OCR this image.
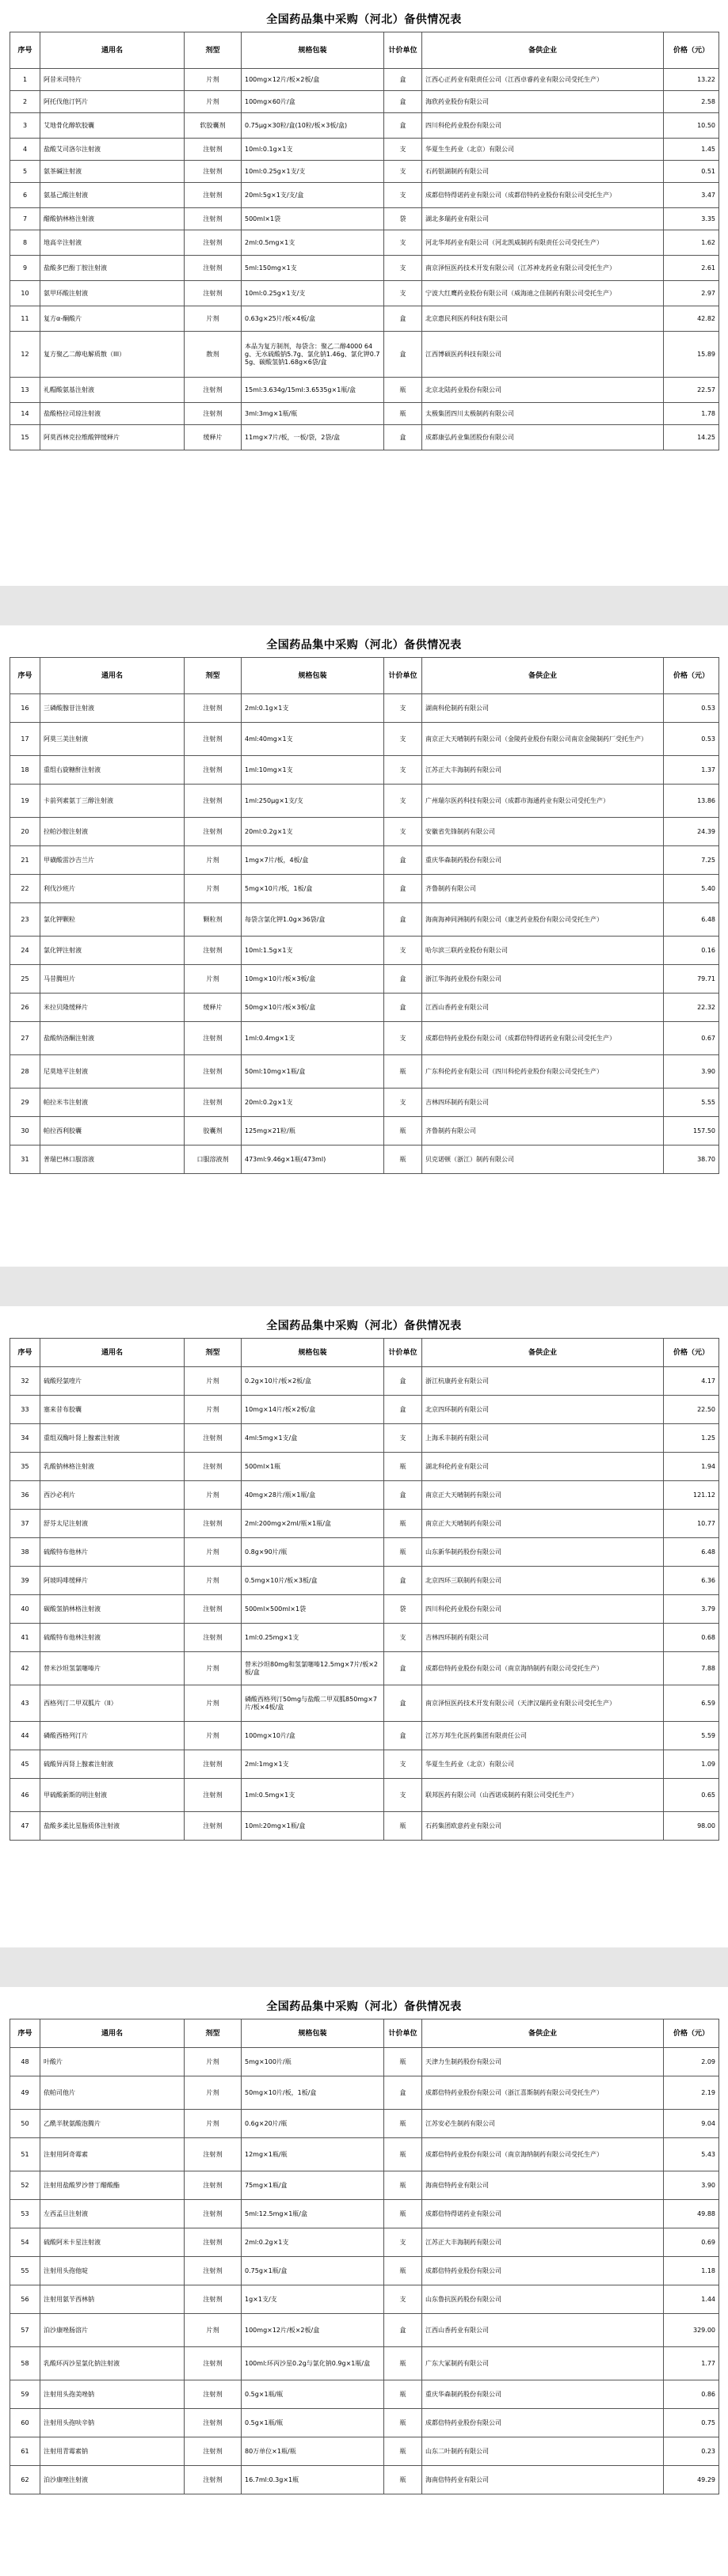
全国药品集中采购（河北）备供情况表
序号	通用名	剂型	规格包装	计价单位	备供企业	价格（元）
1	阿昔米司特片	片剂	100mg×12片/板×2板/盒	盒	江西心正药业有限责任公司（江西卓睿药业有限公司受托生产）	13.22
2	阿托伐他汀钙片	片剂	100mg×60片/盒	盒	海欣药业股份有限公司	2.58
3	艾地骨化醇软胶囊	软胶囊剂	0.75μg×30粒/盒(10粒/板×3板/盒)	盒	四川科伦药业股份有限公司	10.50
4	盐酸艾司洛尔注射液	注射剂	10ml:0.1g×1支	支	华夏生生药业（北京）有限公司	1.45
5	氨茶碱注射液	注射剂	10ml:0.25g×1支/支	支	石药银湖制药有限公司	0.51
6	氨基己酸注射液	注射剂	20ml:5g×1支/支/盒	支	成都倍特得诺药业有限公司（成都倍特药业股份有限公司受托生产）	3.47
7	醋酸钠林格注射液	注射剂	500ml×1袋	袋	湖北多瑞药业有限公司	3.35
8	地高辛注射液	注射剂	2ml:0.5mg×1支	支	河北华邦药业有限公司（河北凯威制药有限责任公司受托生产）	1.62
9	盐酸多巴酚丁胺注射液	注射剂	5ml:150mg×1支	支	南京泽恒医药技术开发有限公司（江苏神龙药业有限公司受托生产）	2.61
10	氨甲环酸注射液	注射剂	10ml:0.25g×1支/支	支	宁波大红鹰药业股份有限公司（威海迪之佳制药有限公司受托生产）	2.97
11	复方α-酮酸片	片剂	0.63g×25片/板×4板/盒	盒	北京惠民利医药科技有限公司	42.82
12	复方聚乙二醇电解质散（III）	散剂	本品为复方制剂，每袋含：聚乙二醇4000 64g、无水硫酸钠5.7g、氯化钠1.46g、氯化钾0.75g、碳酸氢钠1.68g×6袋/盒	盒	江西博硕医药科技有限公司	15.89
13	礼帽酸氨基注射液	注射剂	15ml:3.634g/15ml:3.6535g×1瓶/盒	瓶	北京北陆药业股份有限公司	22.57
14	盐酸格拉司琼注射液	注射剂	3ml:3mg×1瓶/瓶	瓶	太极集团四川太极制药有限公司	1.78
15	阿莫西林克拉维酸钾缓释片	缓释片	11mg×7片/板，一板/袋，2袋/盒	盒	成都康弘药业集团股份有限公司	14.25
全国药品集中采购（河北）备供情况表
序号	通用名	剂型	规格包装	计价单位	备供企业	价格（元）
16	三磷酸腺苷注射液	注射剂	2ml:0.1g×1支	支	湖南科伦制药有限公司	0.53
17	阿莫三美注射液	注射剂	4ml:40mg×1支	支	南京正大天晴制药有限公司（金陵药业股份有限公司南京金陵制药厂受托生产）	0.53
18	重组右旋糖酐注射液	注射剂	1ml:10mg×1支	支	江苏正大丰海制药有限公司	1.37
19	卡前列素氨丁三醇注射液	注射剂	1ml:250μg×1支/支	支	广州瑞尔医药科技有限公司（成都市海通药业有限公司受托生产）	13.86
20	拉帕沙胺注射液	注射剂	20ml:0.2g×1支	支	安徽省先锋制药有限公司	24.39
21	甲磺酸雷沙吉兰片	片剂	1mg×7片/板，4板/盒	盒	重庆华森制药股份有限公司	7.25
22	利伐沙班片	片剂	5mg×10片/板，1板/盒	盒	齐鲁制药有限公司	5.40
23	氯化钾颗粒	颗粒剂	每袋含氯化钾1.0g×36袋/盒	盒	海南海神同洲制药有限公司（康芝药业股份有限公司受托生产）	6.48
24	氯化钾注射液	注射剂	10ml:1.5g×1支	支	哈尔滨三联药业股份有限公司	0.16
25	马昔腾坦片	片剂	10mg×10片/板×3板/盒	盒	浙江华海药业股份有限公司	79.71
26	米拉贝隆缓释片	缓释片	50mg×10片/板×3板/盒	盒	江西山香药业有限公司	22.32
27	盐酸纳洛酮注射液	注射剂	1ml:0.4mg×1支	支	成都倍特药业股份有限公司（成都倍特得诺药业有限公司受托生产）	0.67
28	尼莫地平注射液	注射剂	50ml:10mg×1瓶/盒	瓶	广东科伦药业有限公司（四川科伦药业股份有限公司受托生产）	3.90
29	帕拉米韦注射液	注射剂	20ml:0.2g×1支	支	吉林四环制药有限公司	5.55
30	帕拉西利胶囊	胶囊剂	125mg×21粒/瓶	瓶	齐鲁制药有限公司	157.50
31	普瑞巴林口服溶液	口服溶液剂	473ml:9.46g×1瓶(473ml)	瓶	贝克诺顿（浙江）制药有限公司	38.70
全国药品集中采购（河北）备供情况表
序号	通用名	剂型	规格包装	计价单位	备供企业	价格（元）
32	硫酸羟氯喹片	片剂	0.2g×10片/板×2板/盒	盒	浙江杭康药业有限公司	4.17
33	塞来昔布胶囊	片剂	10mg×14片/板×2板/盒	盒	北京四环制药有限公司	22.50
34	重组双酶叶肾上腺素注射液	注射剂	4ml:5mg×1支/盒	支	上海禾丰制药有限公司	1.25
35	乳酸钠林格注射液	注射剂	500ml×1瓶	瓶	湖北科伦药业有限公司	1.94
36	西沙必利片	片剂	40mg×28片/瓶×1瓶/盒	盒	南京正大天晴制药有限公司	121.12
37	舒芬太尼注射液	注射剂	2ml:200mg×2ml/瓶×1瓶/盒	瓶	南京正大天晴制药有限公司	10.77
38	硫酸特布他林片	片剂	0.8g×90片/瓶	瓶	山东新华制药股份有限公司	6.48
39	阿坡吗啡缓释片	片剂	0.5mg×10片/板×3板/盒	盒	北京四环三联制药有限公司	6.36
40	碳酸氢钠林格注射液	注射剂	500ml×500ml×1袋	袋	四川科伦药业股份有限公司	3.79
41	硫酸特布他林注射液	注射剂	1ml:0.25mg×1支	支	吉林四环制药有限公司	0.68
42	替米沙坦氢氯噻嗪片	片剂	替米沙坦80mg和氢氯噻嗪12.5mg×7片/板×2板/盒	盒	成都倍特药业股份有限公司（南京海纳制药有限公司受托生产）	7.88
43	西格列汀二甲双胍片（II）	片剂	磷酸西格列汀50mg与盐酸二甲双胍850mg×7片/板×4板/盒	盒	南京泽恒医药技术开发有限公司（天津汉瑞药业有限公司受托生产）	6.59
44	磷酸西格列汀片	片剂	100mg×10片/盒	盒	江苏万邦生化医药集团有限责任公司	5.59
45	硫酸异丙肾上腺素注射液	注射剂	2ml:1mg×1支	支	华夏生生药业（北京）有限公司	1.09
46	甲硫酸新斯的明注射液	注射剂	1ml:0.5mg×1支	支	联邦医药有限公司（山西诺成制药有限公司受托生产）	0.65
47	盐酸多柔比星脂质体注射液	注射剂	10ml:20mg×1瓶/盒	瓶	石药集团欧意药业有限公司	98.00
全国药品集中采购（河北）备供情况表
序号	通用名	剂型	规格包装	计价单位	备供企业	价格（元）
48	叶酸片	片剂	5mg×100片/瓶	瓶	天津力生制药股份有限公司	2.09
49	依帕司他片	片剂	50mg×10片/板，1板/盒	盒	成都倍特药业股份有限公司（浙江喜斯制药有限公司受托生产）	2.19
50	乙酰半胱氨酸泡腾片	片剂	0.6g×20片/瓶	瓶	江苏安必生制药有限公司	9.04
51	注射用阿奇霉素	注射剂	12mg×1瓶/瓶	瓶	成都倍特药业股份有限公司（南京海纳制药有限公司受托生产）	5.43
52	注射用盐酸罗沙替丁醋酸酯	注射剂	75mg×1瓶/盒	瓶	海南倍特药业有限公司	3.90
53	左西孟旦注射液	注射剂	5ml:12.5mg×1瓶/盒	瓶	成都倍特得诺药业有限公司	49.88
54	硫酸阿米卡星注射液	注射剂	2ml:0.2g×1支	支	江苏正大丰海制药有限公司	0.69
55	注射用头孢他啶	注射剂	0.75g×1瓶/盒	瓶	成都倍特药业股份有限公司	1.18
56	注射用氨苄西林钠	注射剂	1g×1支/支	支	山东鲁抗医药股份有限公司	1.44
57	泊沙康唑肠溶片	片剂	100mg×12片/板×2板/盒	盒	江西山香药业有限公司	329.00
58	乳酸环丙沙星氯化钠注射液	注射剂	100ml:环丙沙星0.2g与氯化钠0.9g×1瓶/盒	瓶	广东大冢制药有限公司	1.77
59	注射用头孢美唑钠	注射剂	0.5g×1瓶/瓶	瓶	重庆华森制药股份有限公司	0.86
60	注射用头孢呋辛钠	注射剂	0.5g×1瓶/瓶	瓶	成都倍特药业股份有限公司	0.75
61	注射用青霉素钠	注射剂	80万单位×1瓶/瓶	瓶	山东二叶制药有限公司	0.23
62	泊沙康唑注射液	注射剂	16.7ml:0.3g×1瓶	瓶	海南倍特药业有限公司	49.29
